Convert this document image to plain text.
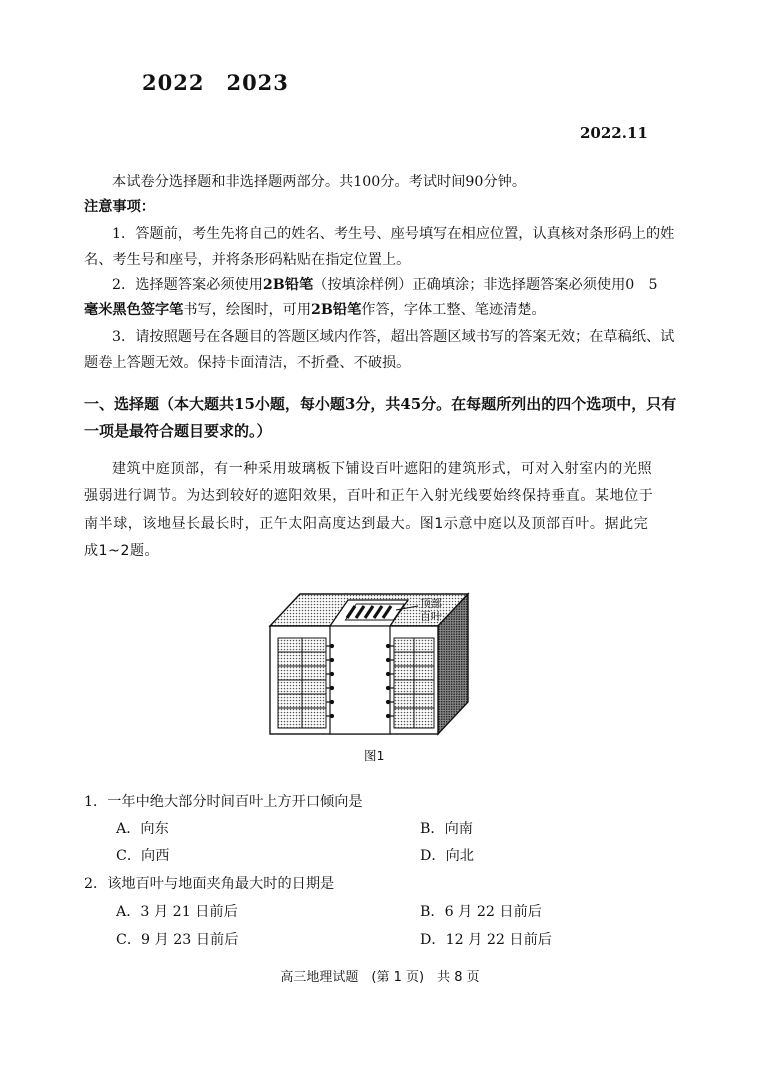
2022 2023
2022.11
本试卷分选择题和非选择题两部分。共100分。考试时间90分钟。
注意事项：
1．答题前，考生先将自己的姓名、考生号、座号填写在相应位置，认真核对条形码上的姓
名、考生号和座号，并将条形码粘贴在指定位置上。
2．选择题答案必须使用2B铅笔（按填涂样例）正确填涂；非选择题答案必须使用0　5
毫米黑色签字笔书写，绘图时，可用2B铅笔作答，字体工整、笔迹清楚。
3．请按照题号在各题目的答题区域内作答，超出答题区域书写的答案无效；在草稿纸、试
题卷上答题无效。保持卡面清洁，不折叠、不破损。
一、选择题（本大题共15小题，每小题3分，共45分。在每题所列出的四个选项中，只有
一项是最符合题目要求的。）
建筑中庭顶部，有一种采用玻璃板下铺设百叶遮阳的建筑形式，可对入射室内的光照
强弱进行调节。为达到较好的遮阳效果，百叶和正午入射光线要始终保持垂直。某地位于
南半球，该地昼长最长时，正午太阳高度达到最大。图1示意中庭以及顶部百叶。据此完
成1~2题。
顶部
百叶
图1
1．一年中绝大部分时间百叶上方开口倾向是
A．向东	B．向南
C．向西	D．向北
2．该地百叶与地面夹角最大时的日期是
A．3 月 21 日前后	B．6 月 22 日前后
C．9 月 23 日前后	D．12 月 22 日前后
高三地理试题　(第 1 页)　共 8 页
